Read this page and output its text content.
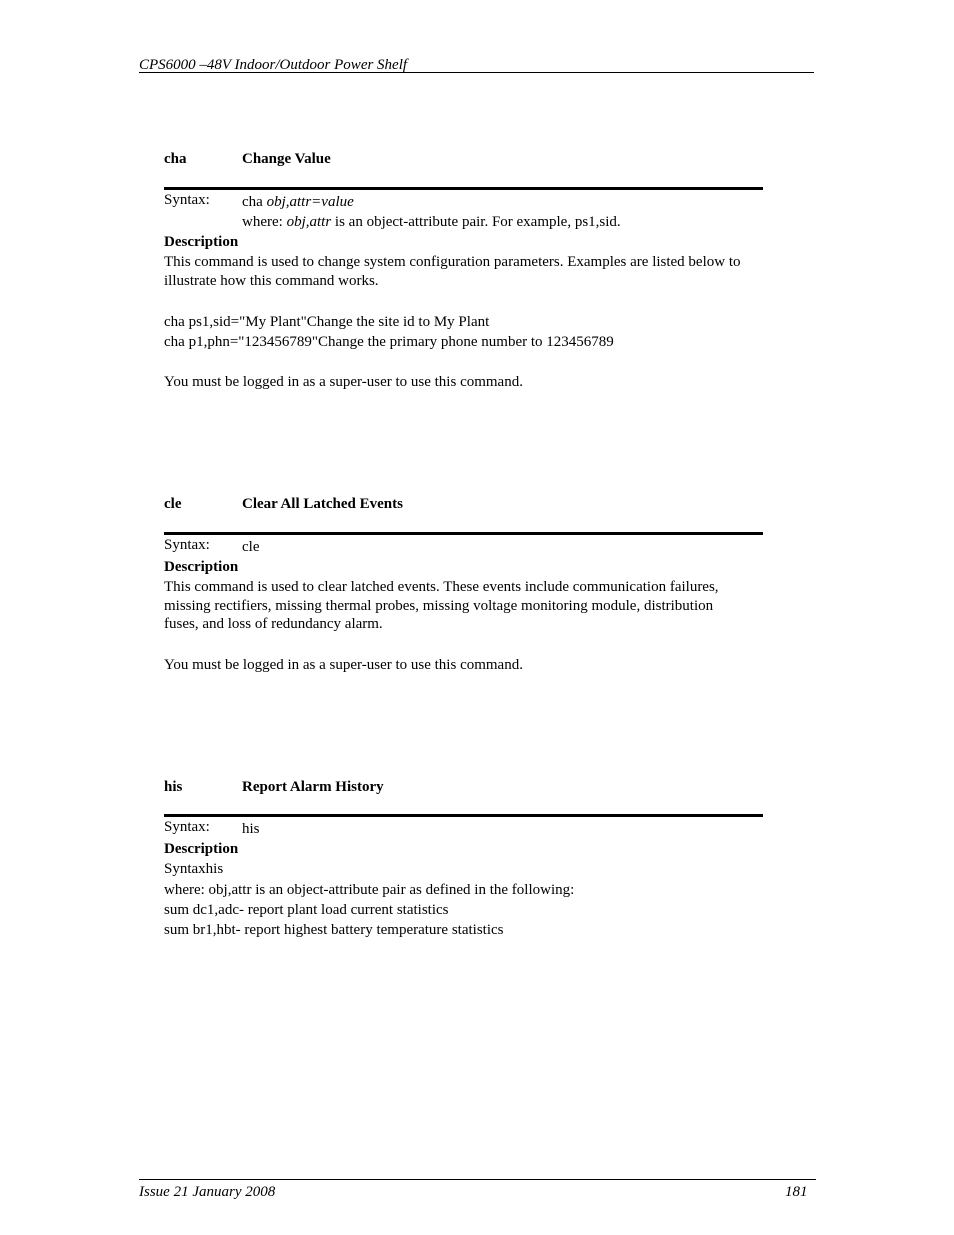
CPS6000 –48V Indoor/Outdoor Power Shelf
cha	Change Value
Syntax: cha obj,attr=value
where: obj,attr is an object-attribute pair. For example, ps1,sid.
Description
This command is used to change system configuration parameters. Examples are listed below to
illustrate how this command works.
cha ps1,sid="My Plant"Change the site id to My Plant
cha p1,phn="123456789"Change the primary phone number to 123456789
You must be logged in as a super-user to use this command.
cle	Clear All Latched Events
Syntax: cle
Description
This command is used to clear latched events. These events include communication failures,
missing rectifiers, missing thermal probes, missing voltage monitoring module, distribution
fuses, and loss of redundancy alarm.
You must be logged in as a super-user to use this command.
his	Report Alarm History
Syntax: his
Description
Syntaxhis
where: obj,attr is an object-attribute pair as defined in the following:
sum dc1,adc- report plant load current statistics
sum br1,hbt- report highest battery temperature statistics
Issue 21 January 2008	181
